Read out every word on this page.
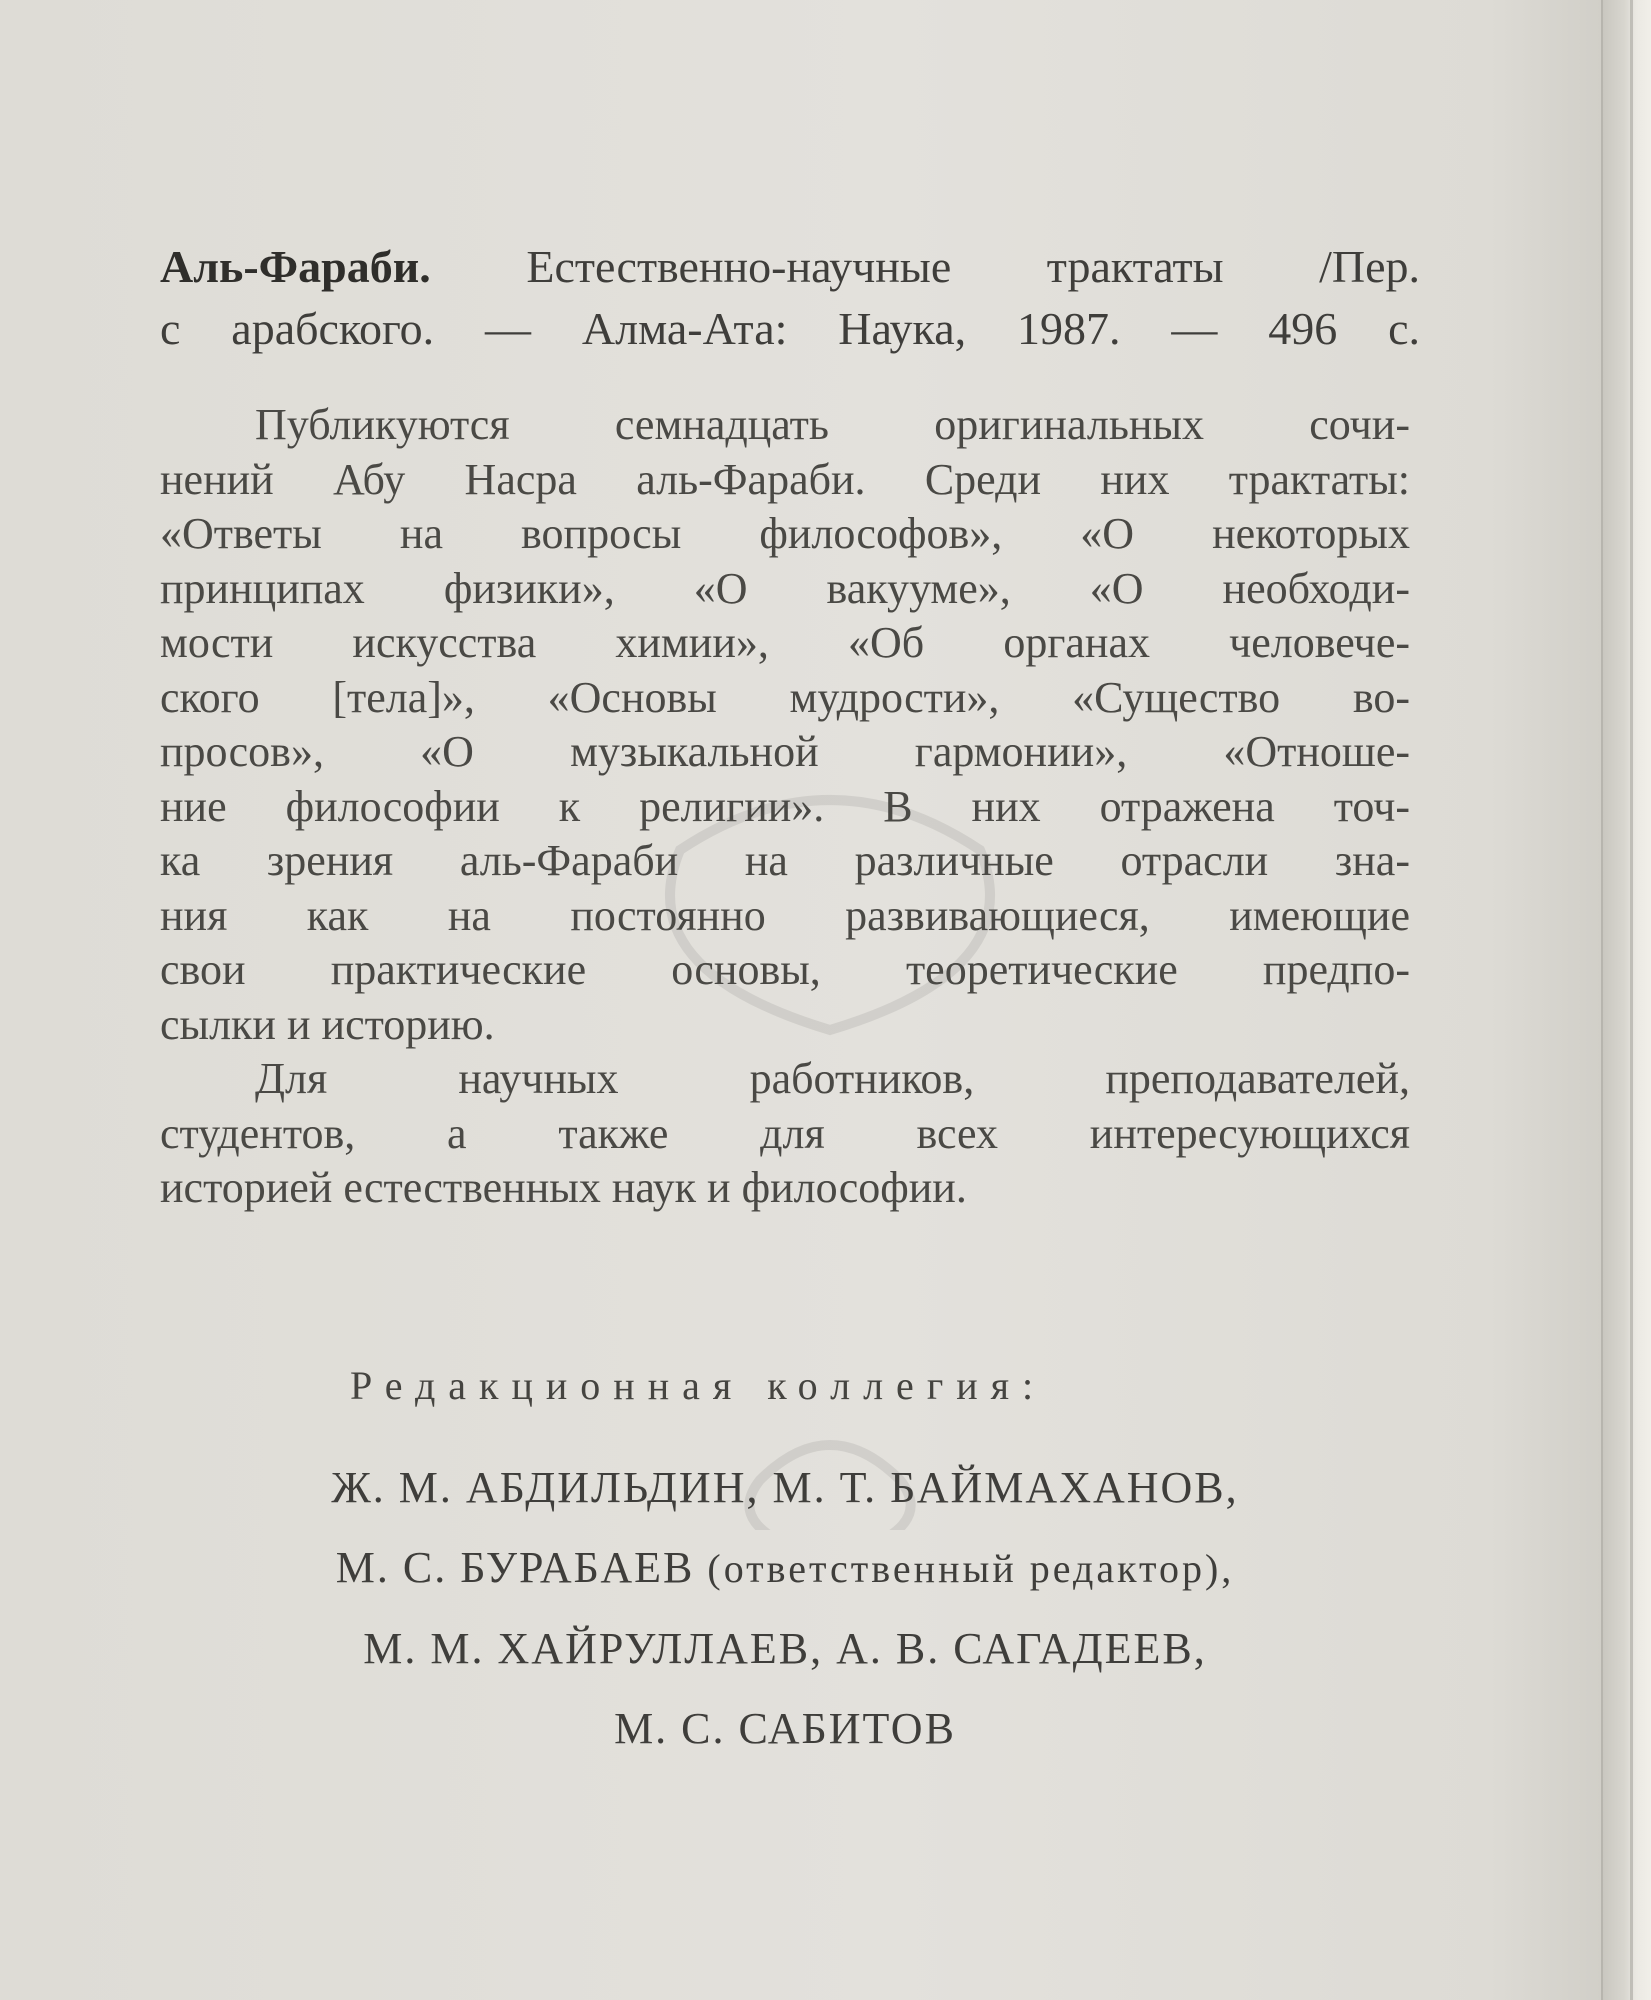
Аль-Фараби. Естественно-научные трактаты /Пер.
с арабского. — Алма-Ата: Наука, 1987. — 496 с.
Публикуются семнадцать оригинальных сочи-
нений Абу Насра аль-Фараби. Среди них трактаты:
«Ответы на вопросы философов», «О некоторых
принципах физики», «О вакууме», «О необходи-
мости искусства химии», «Об органах человече-
ского [тела]», «Основы мудрости», «Существо во-
просов», «О музыкальной гармонии», «Отноше-
ние философии к религии». В них отражена точ-
ка зрения аль-Фараби на различные отрасли зна-
ния как на постоянно развивающиеся, имеющие
свои практические основы, теоретические предпо-
сылки и историю.
Для научных работников, преподавателей,
студентов, а также для всех интересующихся
историей естественных наук и философии.
Редакционная коллегия:
Ж. М. АБДИЛЬДИН, М. Т. БАЙМАХАНОВ,
М. С. БУРАБАЕВ (ответственный редактор),
М. М. ХАЙРУЛЛАЕВ, А. В. САГАДЕЕВ,
М. С. САБИТОВ
